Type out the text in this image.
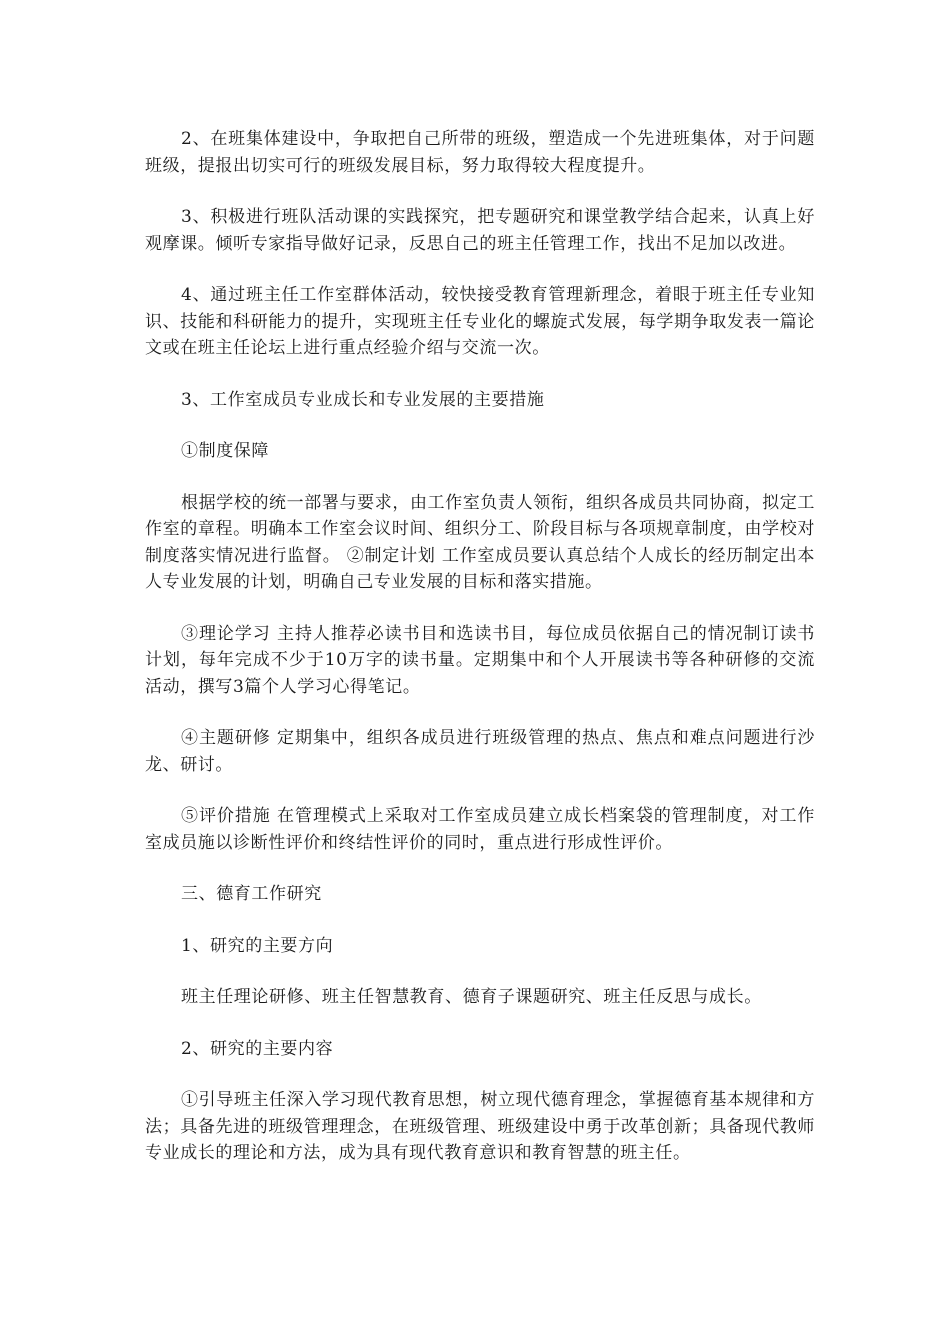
2、在班集体建设中，争取把自己所带的班级，塑造成一个先进班集体，对于问题班级，提报出切实可行的班级发展目标，努力取得较大程度提升。

3、积极进行班队活动课的实践探究，把专题研究和课堂教学结合起来，认真上好观摩课。倾听专家指导做好记录，反思自己的班主任管理工作，找出不足加以改进。

4、通过班主任工作室群体活动，较快接受教育管理新理念，着眼于班主任专业知识、技能和科研能力的提升，实现班主任专业化的螺旋式发展，每学期争取发表一篇论文或在班主任论坛上进行重点经验介绍与交流一次。

3、工作室成员专业成长和专业发展的主要措施

①制度保障

根据学校的统一部署与要求，由工作室负责人领衔，组织各成员共同协商，拟定工作室的章程。明确本工作室会议时间、组织分工、阶段目标与各项规章制度，由学校对制度落实情况进行监督。 ②制定计划 工作室成员要认真总结个人成长的经历制定出本人专业发展的计划，明确自己专业发展的目标和落实措施。

③理论学习 主持人推荐必读书目和选读书目，每位成员依据自己的情况制订读书计划，每年完成不少于10万字的读书量。定期集中和个人开展读书等各种研修的交流活动，撰写3篇个人学习心得笔记。

④主题研修 定期集中，组织各成员进行班级管理的热点、焦点和难点问题进行沙龙、研讨。

⑤评价措施 在管理模式上采取对工作室成员建立成长档案袋的管理制度，对工作室成员施以诊断性评价和终结性评价的同时，重点进行形成性评价。

三、德育工作研究

1、研究的主要方向

班主任理论研修、班主任智慧教育、德育子课题研究、班主任反思与成长。

2、研究的主要内容

①引导班主任深入学习现代教育思想，树立现代德育理念，掌握德育基本规律和方法；具备先进的班级管理理念，在班级管理、班级建设中勇于改革创新；具备现代教师专业成长的理论和方法，成为具有现代教育意识和教育智慧的班主任。
